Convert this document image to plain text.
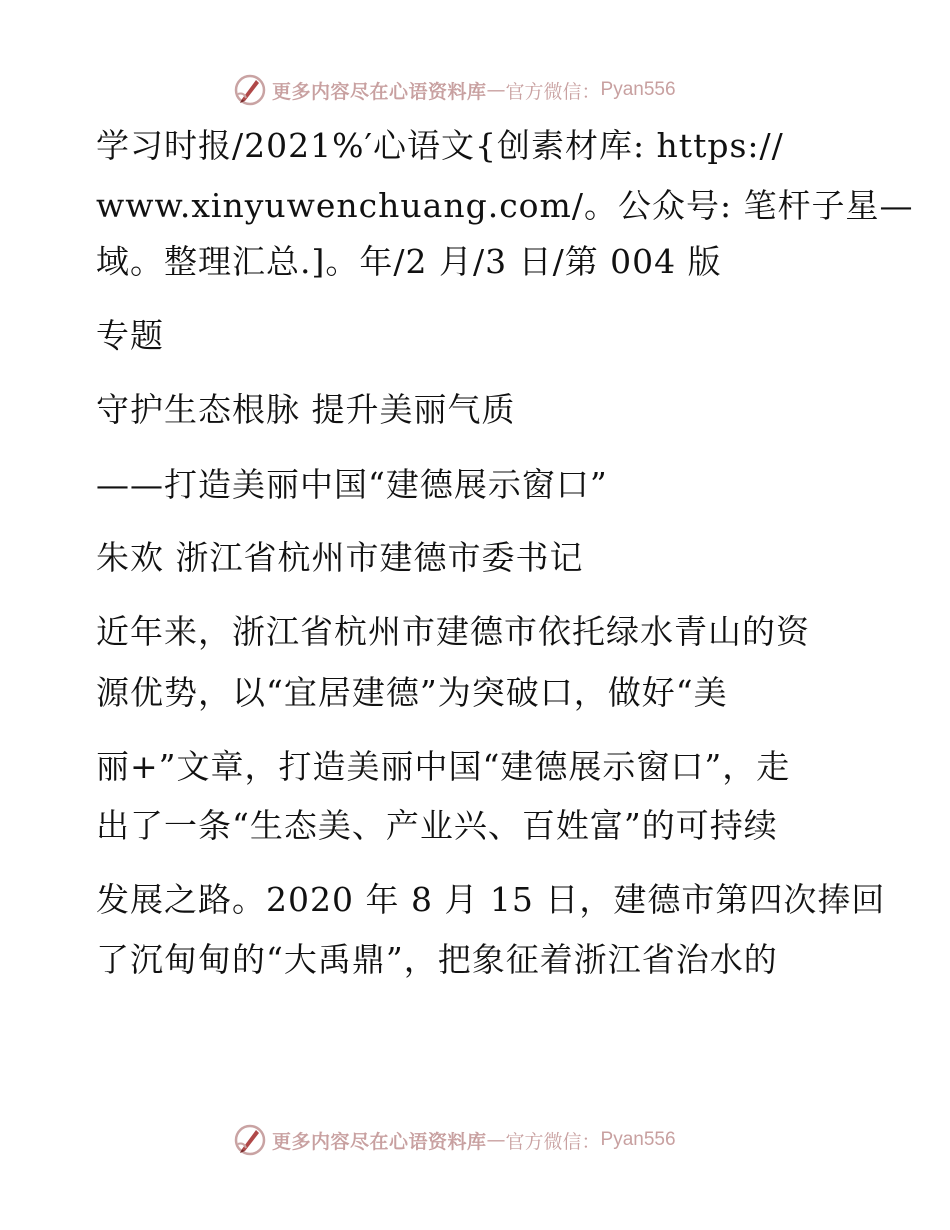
更多内容尽在心语资料库 — 官方微信： Pyan556
学习时报/2021%′心语文{创素材库: https://
www.xinyuwenchuang.com/。公众号: 笔杆子星—
域。整理汇总.]。年/2 月/3 日/第 004 版
专题
守护生态根脉 提升美丽气质
——打造美丽中国“建德展示窗口”
朱欢 浙江省杭州市建德市委书记
近年来，浙江省杭州市建德市依托绿水青山的资
源优势，以“宜居建德”为突破口，做好“美
丽+”文章，打造美丽中国“建德展示窗口”，走
出了一条“生态美、产业兴、百姓富”的可持续
发展之路。2020 年 8 月 15 日，建德市第四次捧回
了沉甸甸的“大禹鼎”，把象征着浙江省治水的
更多内容尽在心语资料库 — 官方微信： Pyan556
